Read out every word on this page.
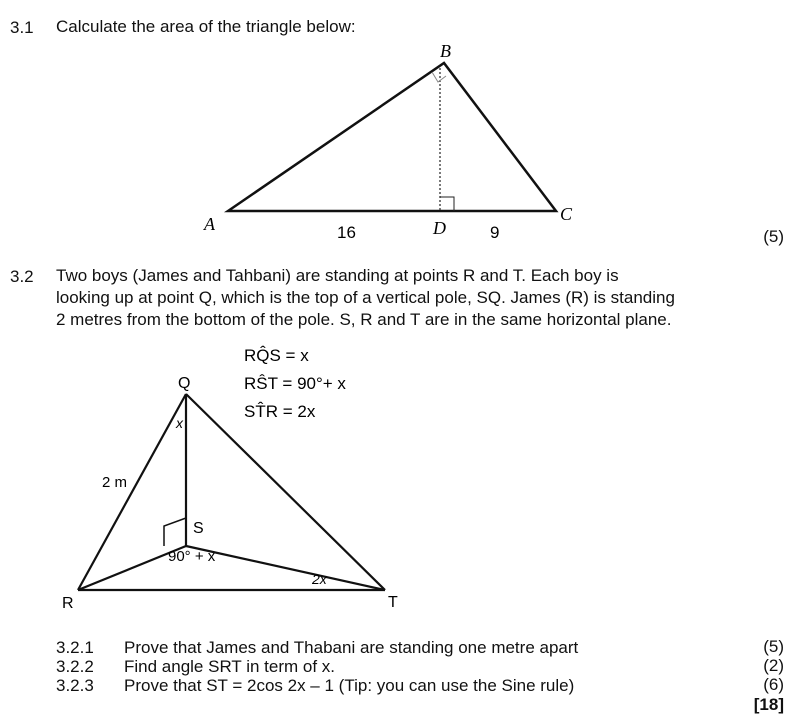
3.1 Calculate the area of the triangle below:
B
A	C
D
16	9	(5)
3.2 Two boys (James and Tahbani) are standing at points R and T. Each boy is
looking up at point Q, which is the top of a vertical pole, SQ. James (R) is standing
2 metres from the bottom of the pole. S, R and T are in the same horizontal plane.
RQ̂S = x
RŜT = 90°+ x
ST̂R = 2x
Q
S
R	T
x
2 m
90° + x
2x
3.2.1 Prove that James and Thabani are standing one metre apart	(5)
3.2.2 Find angle SRT in term of x.	(2)
3.2.3 Prove that ST = 2cos 2x – 1 (Tip: you can use the Sine rule)	(6)
[18]
